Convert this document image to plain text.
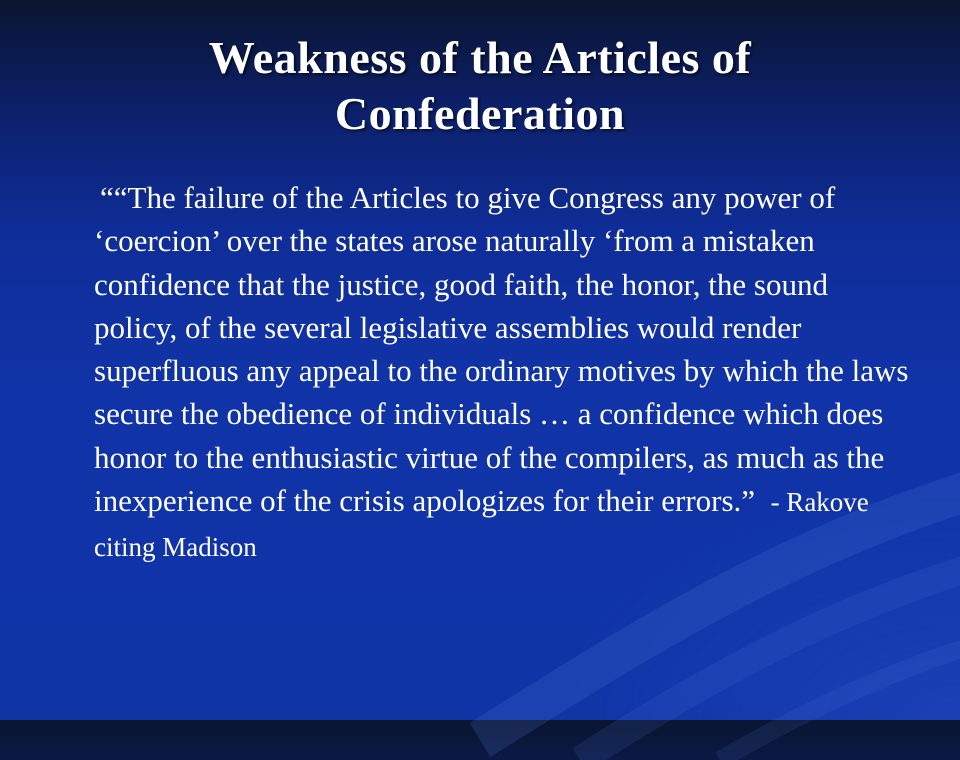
Weakness of the Articles of
Confederation

““The failure of the Articles to give Congress any power of ‘coercion’ over the states arose naturally ‘from a mistaken confidence that the justice, good faith, the honor, the sound policy, of the several legislative assemblies would render superfluous any appeal to the ordinary motives by which the laws secure the obedience of individuals … a confidence which does honor to the enthusiastic virtue of the compilers, as much as the inexperience of the crisis apologizes for their errors.” - Rakove citing Madison
